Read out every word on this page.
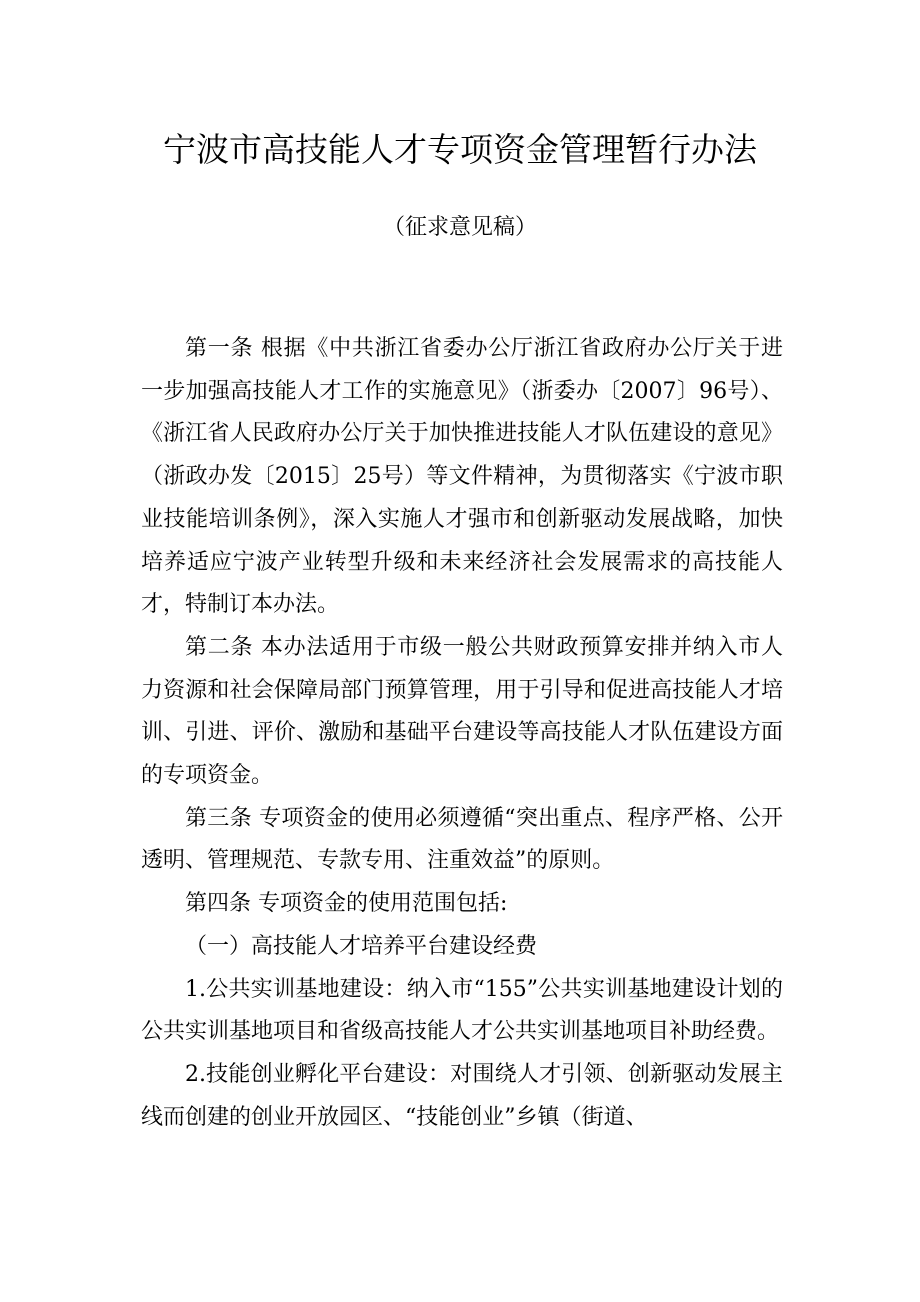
宁波市高技能人才专项资金管理暂行办法
（征求意见稿）

第一条 根据《中共浙江省委办公厅浙江省政府办公厅关于进一步加强高技能人才工作的实施意见》（浙委办〔2007〕96号）、《浙江省人民政府办公厅关于加快推进技能人才队伍建设的意见》（浙政办发〔2015〕25号）等文件精神，为贯彻落实《宁波市职业技能培训条例》，深入实施人才强市和创新驱动发展战略，加快培养适应宁波产业转型升级和未来经济社会发展需求的高技能人才，特制订本办法。

第二条 本办法适用于市级一般公共财政预算安排并纳入市人力资源和社会保障局部门预算管理，用于引导和促进高技能人才培训、引进、评价、激励和基础平台建设等高技能人才队伍建设方面的专项资金。

第三条 专项资金的使用必须遵循“突出重点、程序严格、公开透明、管理规范、专款专用、注重效益”的原则。

第四条 专项资金的使用范围包括:

（一）高技能人才培养平台建设经费

1.公共实训基地建设：纳入市“155”公共实训基地建设计划的公共实训基地项目和省级高技能人才公共实训基地项目补助经费。

2.技能创业孵化平台建设：对围绕人才引领、创新驱动发展主线而创建的创业开放园区、“技能创业”乡镇（街道、
